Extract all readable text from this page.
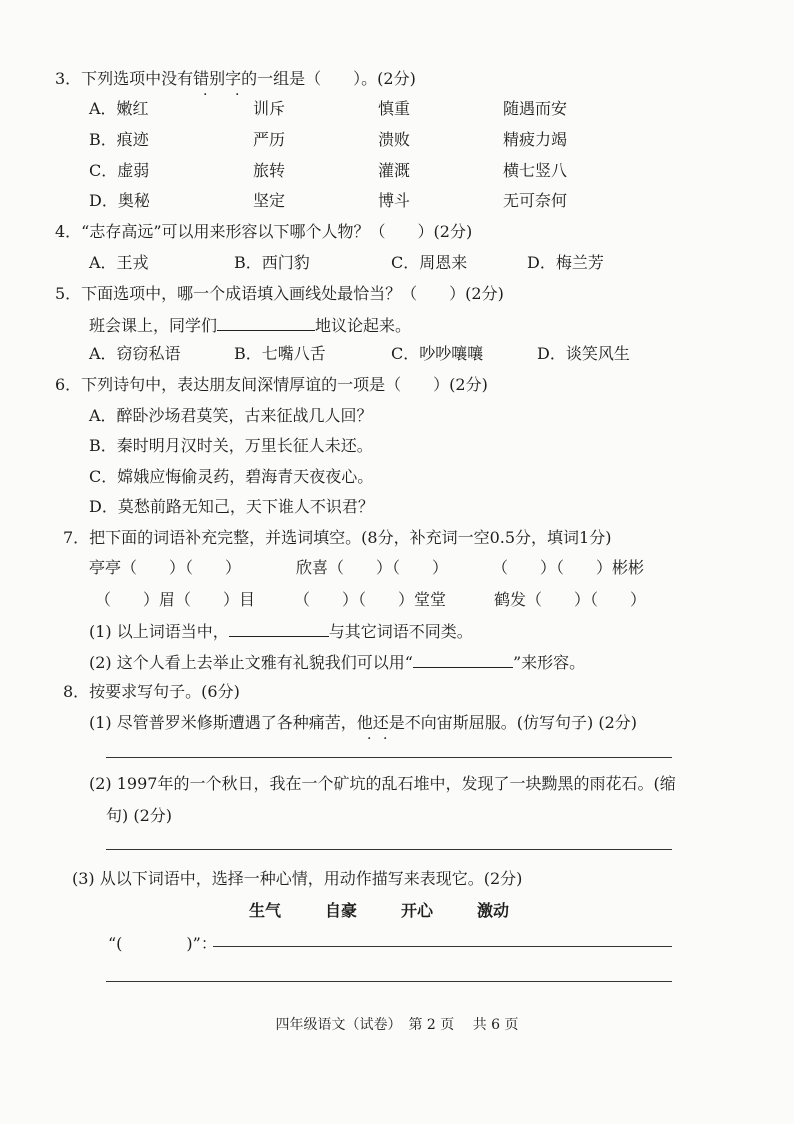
3．下列选项中没有错别字的一组是（　　）。(2分)
· ·
A．嫩红	训斥	慎重	随遇而安
B．痕迹	严历	溃败	精疲力竭
C．虚弱	旅转	灌溉	横七竖八
D．奥秘	坚定	博斗	无可奈何
4．“志存高远”可以用来形容以下哪个人物？（　　）(2分)
A．王戎	B．西门豹	C．周恩来	D．梅兰芳
5．下面选项中，哪一个成语填入画线处最恰当？（　　）(2分)
班会课上，同学们	地议论起来。
A．窃窃私语	B．七嘴八舌	C．吵吵嚷嚷	D．谈笑风生
6．下列诗句中，表达朋友间深情厚谊的一项是（　　）(2分)
A．醉卧沙场君莫笑，古来征战几人回？
B．秦时明月汉时关，万里长征人未还。
C．嫦娥应悔偷灵药，碧海青天夜夜心。
D．莫愁前路无知己，天下谁人不识君？
7．把下面的词语补充完整，并选词填空。(8分，补充词一空0.5分，填词1分)
亭亭（　　）（　　）	欣喜（　　）（　　）	（　　）（　　）彬彬
（　　）眉（　　）目 （　　）（　　）堂堂	鹤发（　　）（　　）
(1) 以上词语当中，	与其它词语不同类。
(2) 这个人看上去举止文雅有礼貌我们可以用“	”来形容。
8．按要求写句子。(6分)
(1) 尽管普罗米修斯遭遇了各种痛苦，他还是不向宙斯屈服。(仿写句子) (2分)
· ·
(2) 1997年的一个秋日，我在一个矿坑的乱石堆中，发现了一块黝黑的雨花石。(缩
句) (2分)
(3) 从以下词语中，选择一种心情，用动作描写来表现它。(2分)
生气	自豪	开心	激动
“(　　　　)”：
四年级语文（试卷）　第 2 页　 共 6 页
